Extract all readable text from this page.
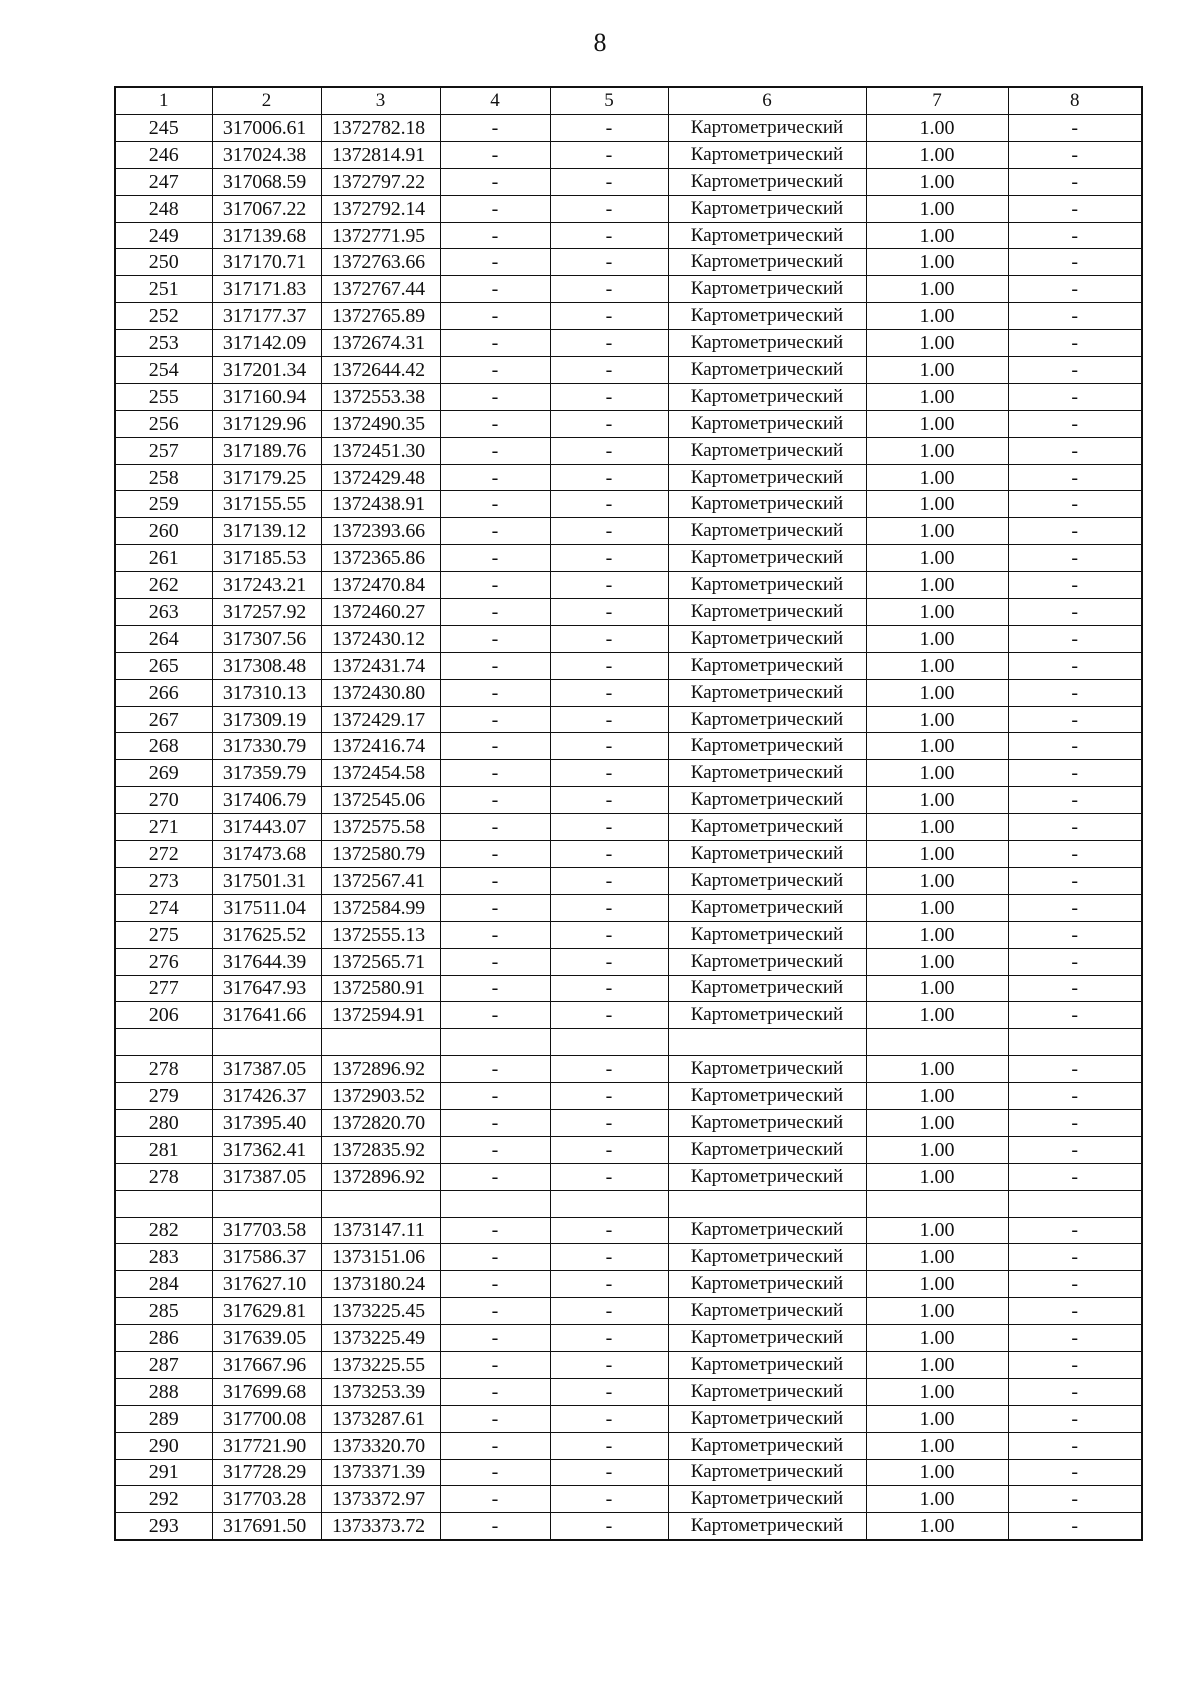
8
1	2	3	4	5	6	7	8
245	317006.61	1372782.18	-	-	Картометрический	1.00	-
246	317024.38	1372814.91	-	-	Картометрический	1.00	-
247	317068.59	1372797.22	-	-	Картометрический	1.00	-
248	317067.22	1372792.14	-	-	Картометрический	1.00	-
249	317139.68	1372771.95	-	-	Картометрический	1.00	-
250	317170.71	1372763.66	-	-	Картометрический	1.00	-
251	317171.83	1372767.44	-	-	Картометрический	1.00	-
252	317177.37	1372765.89	-	-	Картометрический	1.00	-
253	317142.09	1372674.31	-	-	Картометрический	1.00	-
254	317201.34	1372644.42	-	-	Картометрический	1.00	-
255	317160.94	1372553.38	-	-	Картометрический	1.00	-
256	317129.96	1372490.35	-	-	Картометрический	1.00	-
257	317189.76	1372451.30	-	-	Картометрический	1.00	-
258	317179.25	1372429.48	-	-	Картометрический	1.00	-
259	317155.55	1372438.91	-	-	Картометрический	1.00	-
260	317139.12	1372393.66	-	-	Картометрический	1.00	-
261	317185.53	1372365.86	-	-	Картометрический	1.00	-
262	317243.21	1372470.84	-	-	Картометрический	1.00	-
263	317257.92	1372460.27	-	-	Картометрический	1.00	-
264	317307.56	1372430.12	-	-	Картометрический	1.00	-
265	317308.48	1372431.74	-	-	Картометрический	1.00	-
266	317310.13	1372430.80	-	-	Картометрический	1.00	-
267	317309.19	1372429.17	-	-	Картометрический	1.00	-
268	317330.79	1372416.74	-	-	Картометрический	1.00	-
269	317359.79	1372454.58	-	-	Картометрический	1.00	-
270	317406.79	1372545.06	-	-	Картометрический	1.00	-
271	317443.07	1372575.58	-	-	Картометрический	1.00	-
272	317473.68	1372580.79	-	-	Картометрический	1.00	-
273	317501.31	1372567.41	-	-	Картометрический	1.00	-
274	317511.04	1372584.99	-	-	Картометрический	1.00	-
275	317625.52	1372555.13	-	-	Картометрический	1.00	-
276	317644.39	1372565.71	-	-	Картометрический	1.00	-
277	317647.93	1372580.91	-	-	Картометрический	1.00	-
206	317641.66	1372594.91	-	-	Картометрический	1.00	-

278	317387.05	1372896.92	-	-	Картометрический	1.00	-
279	317426.37	1372903.52	-	-	Картометрический	1.00	-
280	317395.40	1372820.70	-	-	Картометрический	1.00	-
281	317362.41	1372835.92	-	-	Картометрический	1.00	-
278	317387.05	1372896.92	-	-	Картометрический	1.00	-

282	317703.58	1373147.11	-	-	Картометрический	1.00	-
283	317586.37	1373151.06	-	-	Картометрический	1.00	-
284	317627.10	1373180.24	-	-	Картометрический	1.00	-
285	317629.81	1373225.45	-	-	Картометрический	1.00	-
286	317639.05	1373225.49	-	-	Картометрический	1.00	-
287	317667.96	1373225.55	-	-	Картометрический	1.00	-
288	317699.68	1373253.39	-	-	Картометрический	1.00	-
289	317700.08	1373287.61	-	-	Картометрический	1.00	-
290	317721.90	1373320.70	-	-	Картометрический	1.00	-
291	317728.29	1373371.39	-	-	Картометрический	1.00	-
292	317703.28	1373372.97	-	-	Картометрический	1.00	-
293	317691.50	1373373.72	-	-	Картометрический	1.00	-
